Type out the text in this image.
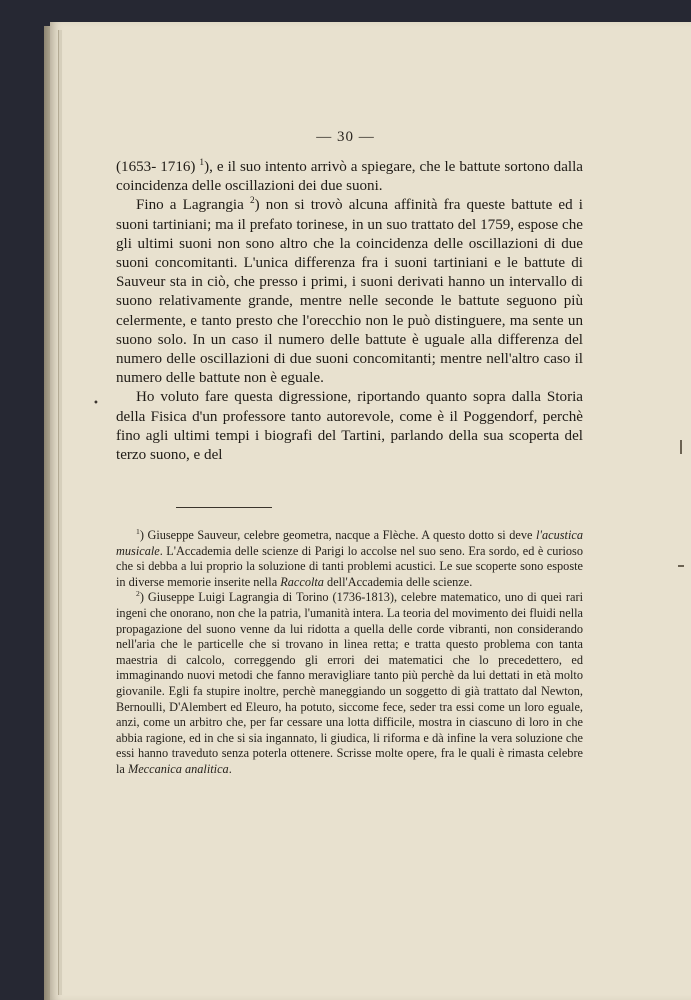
— 30 —

(1653- 1716) $^1$), e il suo intento arrivò a spiegare, che le battute sortono dalla coincidenza delle oscillazioni dei due suoni.

Fino a Lagrangia $^2$) non si trovò alcuna affinità fra queste battute ed i suoni tartiniani; ma il prefato torinese, in un suo trattato del 1759, espose che gli ultimi suoni non sono altro che la coincidenza delle oscillazioni di due suoni concomitanti. L'unica differenza fra i suoni tartiniani e le battute di Sauveur sta in ciò, che presso i primi, i suoni derivati hanno un intervallo di suono relativamente grande, mentre nelle seconde le battute seguono più celermente, e tanto presto che l'orecchio non le può distinguere, ma sente un suono solo. In un caso il numero delle battute è uguale alla differenza del numero delle oscillazioni di due suoni concomitanti; mentre nell'altro caso il numero delle battute non è eguale.

Ho voluto fare questa digressione, riportando quanto sopra dalla Storia della Fisica d'un professore tanto autorevole, come è il Poggendorf, perchè fino agli ultimi tempi i biografi del Tartini, parlando della sua scoperta del terzo suono, e del

$^1$) Giuseppe Sauveur, celebre geometra, nacque a Flèche. A questo dotto si deve l'acustica musicale. L'Accademia delle scienze di Parigi lo accolse nel suo seno. Era sordo, ed è curioso che si debba a lui proprio la soluzione di tanti problemi acustici. Le sue scoperte sono esposte in diverse memorie inserite nella Raccolta dell'Accademia delle scienze.

$^2$) Giuseppe Luigi Lagrangia di Torino (1736-1813), celebre matematico, uno di quei rari ingeni che onorano, non che la patria, l'umanità intera. La teoria del movimento dei fluidi nella propagazione del suono venne da lui ridotta a quella delle corde vibranti, non considerando nell'aria che le particelle che si trovano in linea retta; e tratta questo problema con tanta maestria di calcolo, correggendo gli errori dei matematici che lo precedettero, ed immaginando nuovi metodi che fanno meravigliare tanto più perchè da lui dettati in età molto giovanile. Egli fa stupire inoltre, perchè maneggiando un soggetto di già trattato dal Newton, Bernoulli, D'Alembert ed Eleuro, ha potuto, siccome fece, seder tra essi come un loro eguale, anzi, come un arbitro che, per far cessare una lotta difficile, mostra in ciascuno di loro in che abbia ragione, ed in che si sia ingannato, li giudica, li riforma e dà infine la vera soluzione che essi hanno traveduto senza poterla ottenere. Scrisse molte opere, fra le quali è rimasta celebre la Meccanica analitica.

•
